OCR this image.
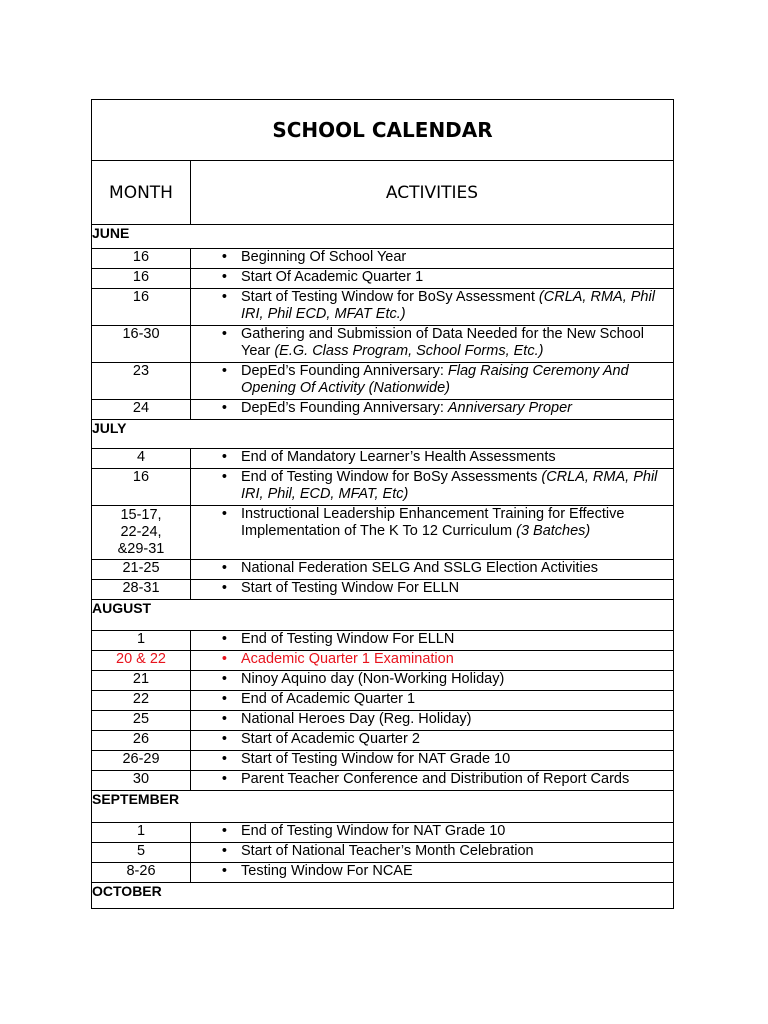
SCHOOL CALENDAR	
MONTH	ACTIVITIES
JUNE	
16	• Beginning Of School Year

16	• Start Of Academic Quarter 1

16	• Start of Testing Window for BoSy Assessment (CRLA, RMA, Phil IRI, Phil ECD, MFAT Etc.)

16-30	• Gathering and Submission of Data Needed for the New School Year (E.G. Class Program, School Forms, Etc.)

23	• DepEd’s Founding Anniversary: Flag Raising Ceremony And Opening Of Activity (Nationwide)

24	• DepEd’s Founding Anniversary: Anniversary Proper

JULY	
4	• End of Mandatory Learner’s Health Assessments

16	• End of Testing Window for BoSy Assessments (CRLA, RMA, Phil IRI, Phil, ECD, MFAT, Etc)

15-17, 22-24, &29-31	• Instructional Leadership Enhancement Training for Effective Implementation of The K To 12 Curriculum (3 Batches)

21-25	• National Federation SELG And SSLG Election Activities

28-31	• Start of Testing Window For ELLN

AUGUST	
1	• End of Testing Window For ELLN

20 & 22	• Academic Quarter 1 Examination

21	• Ninoy Aquino day (Non-Working Holiday)

22	• End of Academic Quarter 1

25	• National Heroes Day (Reg. Holiday)

26	• Start of Academic Quarter 2

26-29	• Start of Testing Window for NAT Grade 10

30	• Parent Teacher Conference and Distribution of Report Cards

SEPTEMBER	
1	• End of Testing Window for NAT Grade 10

5	• Start of National Teacher’s Month Celebration

8-26	• Testing Window For NCAE

OCTOBER	
